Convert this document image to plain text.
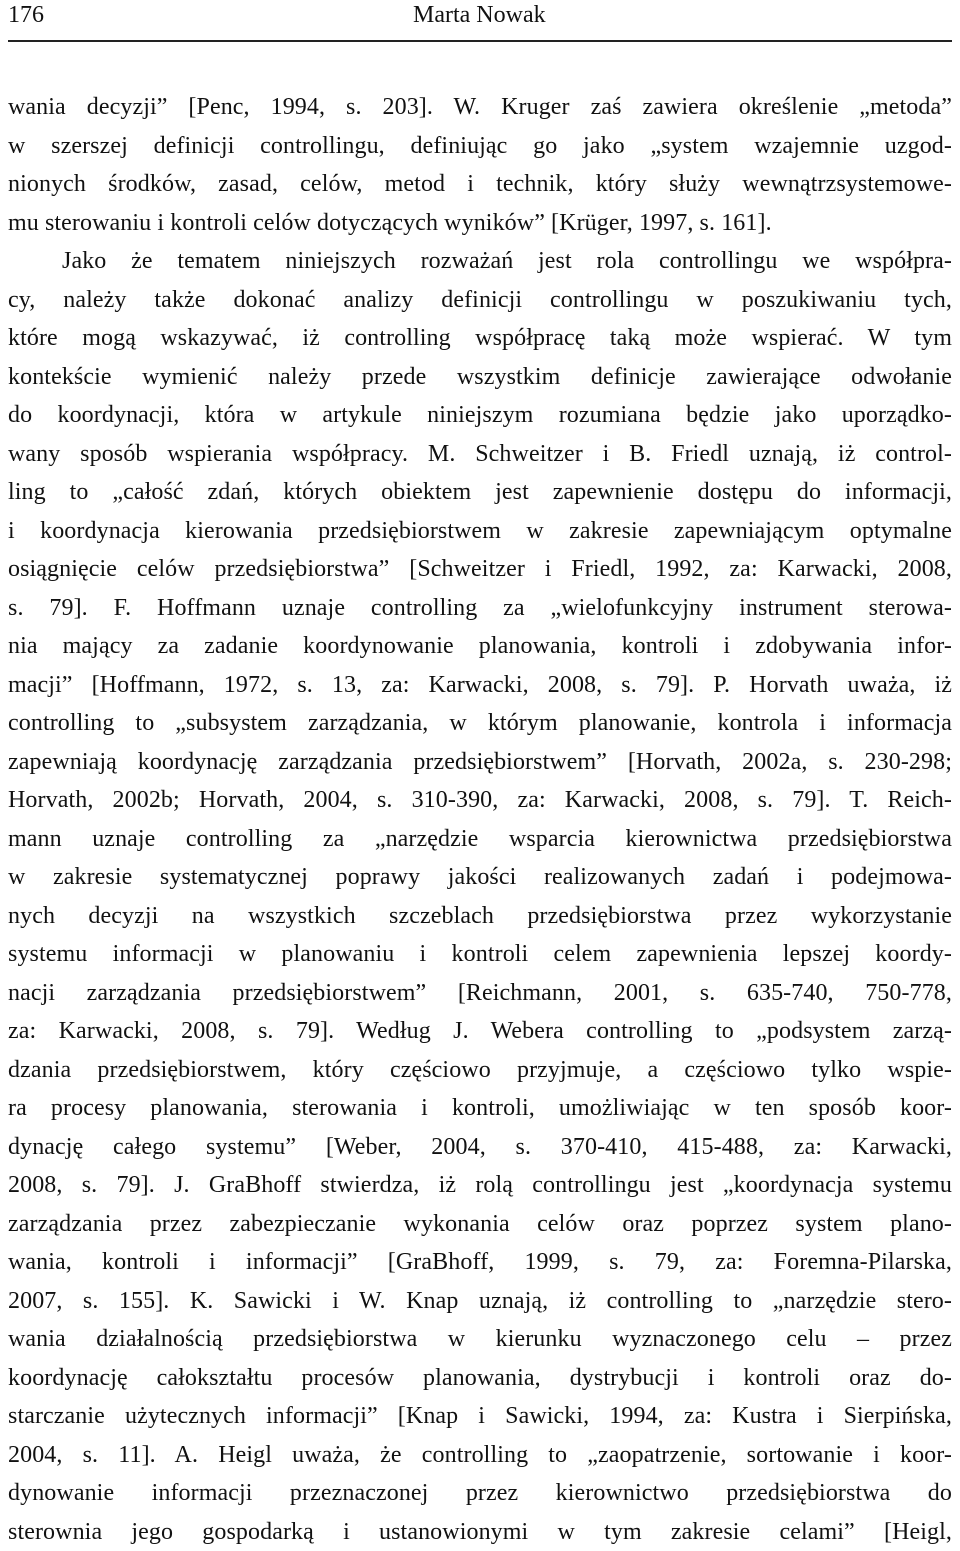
176	Marta Nowak
wania decyzji” [Penc, 1994, s. 203]. W. Kruger zaś zawiera określenie „metoda”
w szerszej definicji controllingu, definiując go jako „system wzajemnie uzgod-
nionych środków, zasad, celów, metod i technik, który służy wewnątrzsystemowe-
mu sterowaniu i kontroli celów dotyczących wyników” [Krüger, 1997, s. 161].
Jako że tematem niniejszych rozważań jest rola controllingu we współpra-
cy, należy także dokonać analizy definicji controllingu w poszukiwaniu tych,
które mogą wskazywać, iż controlling współpracę taką może wspierać. W tym
kontekście wymienić należy przede wszystkim definicje zawierające odwołanie
do koordynacji, która w artykule niniejszym rozumiana będzie jako uporządko-
wany sposób wspierania współpracy. M. Schweitzer i B. Friedl uznają, iż control-
ling to „całość zdań, których obiektem jest zapewnienie dostępu do informacji,
i koordynacja kierowania przedsiębiorstwem w zakresie zapewniającym optymalne
osiągnięcie celów przedsiębiorstwa” [Schweitzer i Friedl, 1992, za: Karwacki, 2008,
s. 79]. F. Hoffmann uznaje controlling za „wielofunkcyjny instrument sterowa-
nia mający za zadanie koordynowanie planowania, kontroli i zdobywania infor-
macji” [Hoffmann, 1972, s. 13, za: Karwacki, 2008, s. 79]. P. Horvath uważa, iż
controlling to „subsystem zarządzania, w którym planowanie, kontrola i informacja
zapewniają koordynację zarządzania przedsiębiorstwem” [Horvath, 2002a, s. 230-298;
Horvath, 2002b; Horvath, 2004, s. 310-390, za: Karwacki, 2008, s. 79]. T. Reich-
mann uznaje controlling za „narzędzie wsparcia kierownictwa przedsiębiorstwa
w zakresie systematycznej poprawy jakości realizowanych zadań i podejmowa-
nych decyzji na wszystkich szczeblach przedsiębiorstwa przez wykorzystanie
systemu informacji w planowaniu i kontroli celem zapewnienia lepszej koordy-
nacji zarządzania przedsiębiorstwem” [Reichmann, 2001, s. 635-740, 750-778,
za: Karwacki, 2008, s. 79]. Według J. Webera controlling to „podsystem zarzą-
dzania przedsiębiorstwem, który częściowo przyjmuje, a częściowo tylko wspie-
ra procesy planowania, sterowania i kontroli, umożliwiając w ten sposób koor-
dynację całego systemu” [Weber, 2004, s. 370-410, 415-488, za: Karwacki,
2008, s. 79]. J. GraBhoff stwierdza, iż rolą controllingu jest „koordynacja systemu
zarządzania przez zabezpieczanie wykonania celów oraz poprzez system plano-
wania, kontroli i informacji” [GraBhoff, 1999, s. 79, za: Foremna-Pilarska,
2007, s. 155]. K. Sawicki i W. Knap uznają, iż controlling to „narzędzie stero-
wania działalnością przedsiębiorstwa w kierunku wyznaczonego celu – przez
koordynację całokształtu procesów planowania, dystrybucji i kontroli oraz do-
starczanie użytecznych informacji” [Knap i Sawicki, 1994, za: Kustra i Sierpińska,
2004, s. 11]. A. Heigl uważa, że controlling to „zaopatrzenie, sortowanie i koor-
dynowanie informacji przeznaczonej przez kierownictwo przedsiębiorstwa do
sterownia jego gospodarką i ustanowionymi w tym zakresie celami” [Heigl,
